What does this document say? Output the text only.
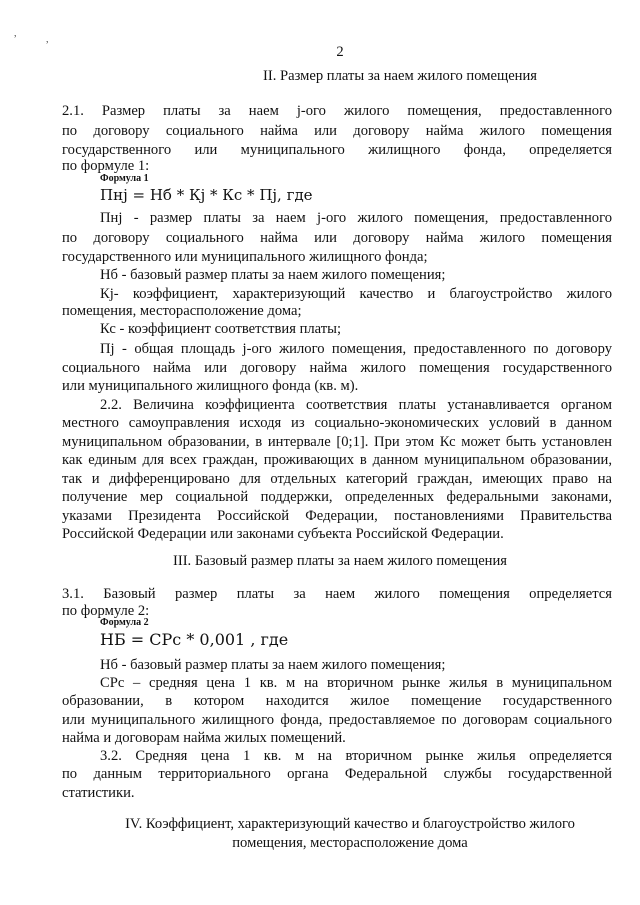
,
,
2
II. Размер платы за наем жилого помещения
2.1. Размер платы за наем j-ого жилого помещения, предоставленного
по договору социального найма или договору найма жилого помещения
государственного или муниципального жилищного фонда, определяется
по формуле 1:
Формула 1
Пнj = Нб * Кj * Кс * Пj, где
Пнj - размер платы за наем j-ого жилого помещения, предоставленного
по договору социального найма или договору найма жилого помещения
государственного или муниципального жилищного фонда;
Нб - базовый размер платы за наем жилого помещения;
Кj- коэффициент, характеризующий качество и благоустройство жилого
помещения, месторасположение дома;
Кс - коэффициент соответствия платы;
Пj - общая площадь j-ого жилого помещения, предоставленного по договору
социального найма или договору найма жилого помещения государственного
или муниципального жилищного фонда (кв. м).
2.2. Величина коэффициента соответствия платы устанавливается органом
местного самоуправления исходя из социально-экономических условий в данном
муниципальном образовании, в интервале [0;1]. При этом Кс может быть установлен
как единым для всех граждан, проживающих в данном муниципальном образовании,
так и дифференцировано для отдельных категорий граждан, имеющих право на
получение мер социальной поддержки, определенных федеральными законами,
указами Президента Российской Федерации, постановлениями Правительства
Российской Федерации или законами субъекта Российской Федерации.
III. Базовый размер платы за наем жилого помещения
3.1. Базовый размер платы за наем жилого помещения определяется
по формуле 2:
Формула 2
НБ = СРс * 0,001 , где
Нб - базовый размер платы за наем жилого помещения;
СРс – средняя цена 1 кв. м на вторичном рынке жилья в муниципальном
образовании, в котором находится жилое помещение государственного
или муниципального жилищного фонда, предоставляемое по договорам социального
найма и договорам найма жилых помещений.
3.2. Средняя цена 1 кв. м на вторичном рынке жилья определяется
по данным территориального органа Федеральной службы государственной
статистики.
IV. Коэффициент, характеризующий качество и благоустройство жилого
помещения, месторасположение дома
